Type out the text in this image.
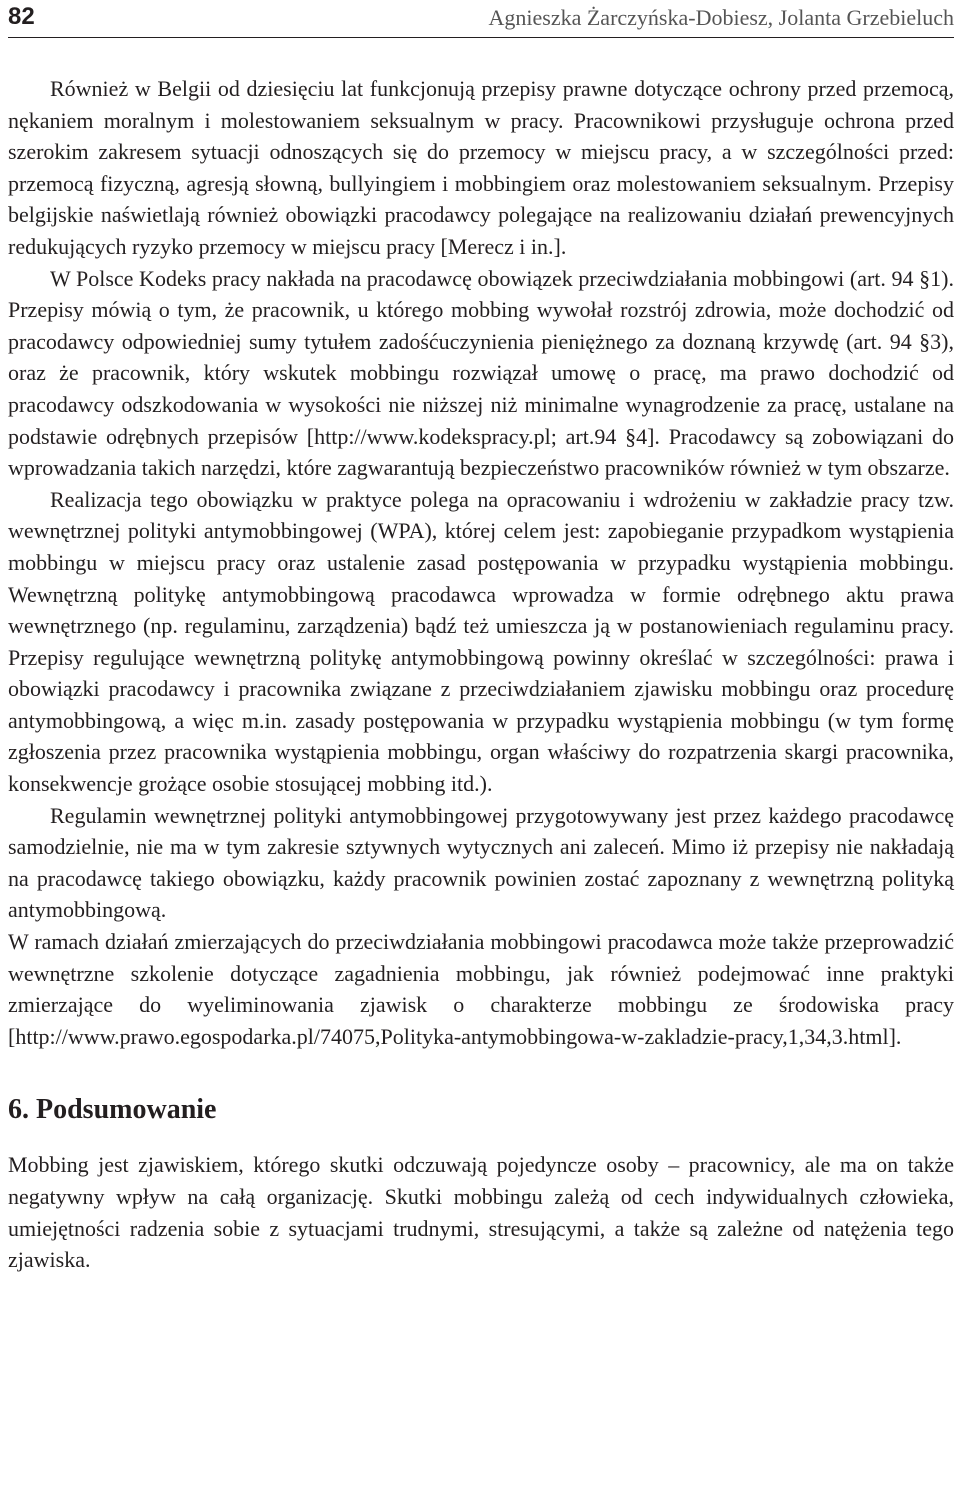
82	Agnieszka Żarczyńska-Dobiesz, Jolanta Grzebieluch

Również w Belgii od dziesięciu lat funkcjonują przepisy prawne dotyczące ochrony przed przemocą, nękaniem moralnym i molestowaniem seksualnym w pracy. Pracownikowi przysługuje ochrona przed szerokim zakresem sytuacji odnoszących się do przemocy w miejscu pracy, a w szczególności przed: przemocą fizyczną, agresją słowną, bullyingiem i mobbingiem oraz molestowaniem seksualnym. Przepisy belgijskie naświetlają również obowiązki pracodawcy polegające na realizowaniu działań prewencyjnych redukujących ryzyko przemocy w miejscu pracy [Merecz i in.].

W Polsce Kodeks pracy nakłada na pracodawcę obowiązek przeciwdziałania mobbingowi (art. 94 §1). Przepisy mówią o tym, że pracownik, u którego mobbing wywołał rozstrój zdrowia, może dochodzić od pracodawcy odpowiedniej sumy tytułem zadośćuczynienia pieniężnego za doznaną krzywdę (art. 94 §3), oraz że pracownik, który wskutek mobbingu rozwiązał umowę o pracę, ma prawo dochodzić od pracodawcy odszkodowania w wysokości nie niższej niż minimalne wynagrodzenie za pracę, ustalane na podstawie odrębnych przepisów [http://www.kodekspracy.pl; art.94 §4]. Pracodawcy są zobowiązani do wprowadzania takich narzędzi, które zagwarantują bezpieczeństwo pracowników również w tym obszarze.

Realizacja tego obowiązku w praktyce polega na opracowaniu i wdrożeniu w zakładzie pracy tzw. wewnętrznej polityki antymobbingowej (WPA), której celem jest: zapobieganie przypadkom wystąpienia mobbingu w miejscu pracy oraz ustalenie zasad postępowania w przypadku wystąpienia mobbingu. Wewnętrzną politykę antymobbingową pracodawca wprowadza w formie odrębnego aktu prawa wewnętrznego (np. regulaminu, zarządzenia) bądź też umieszcza ją w postanowieniach regulaminu pracy. Przepisy regulujące wewnętrzną politykę antymobbingową powinny określać w szczególności: prawa i obowiązki pracodawcy i pracownika związane z przeciwdziałaniem zjawisku mobbingu oraz procedurę antymobbingową, a więc m.in. zasady postępowania w przypadku wystąpienia mobbingu (w tym formę zgłoszenia przez pracownika wystąpienia mobbingu, organ właściwy do rozpatrzenia skargi pracownika, konsekwencje grożące osobie stosującej mobbing itd.).

Regulamin wewnętrznej polityki antymobbingowej przygotowywany jest przez każdego pracodawcę samodzielnie, nie ma w tym zakresie sztywnych wytycznych ani zaleceń. Mimo iż przepisy nie nakładają na pracodawcę takiego obowiązku, każdy pracownik powinien zostać zapoznany z wewnętrzną polityką antymobbingową.

W ramach działań zmierzających do przeciwdziałania mobbingowi pracodawca może także przeprowadzić wewnętrzne szkolenie dotyczące zagadnienia mobbingu, jak również podejmować inne praktyki zmierzające do wyeliminowania zjawisk o charakterze mobbingu ze środowiska pracy [http://www.prawo.egospodarka.pl/74075,Polityka-antymobbingowa-w-zakladzie-pracy,1,34,3.html].

6. Podsumowanie

Mobbing jest zjawiskiem, którego skutki odczuwają pojedyncze osoby – pracownicy, ale ma on także negatywny wpływ na całą organizację. Skutki mobbingu zależą od cech indywidualnych człowieka, umiejętności radzenia sobie z sytuacjami trudnymi, stresującymi, a także są zależne od natężenia tego zjawiska.
